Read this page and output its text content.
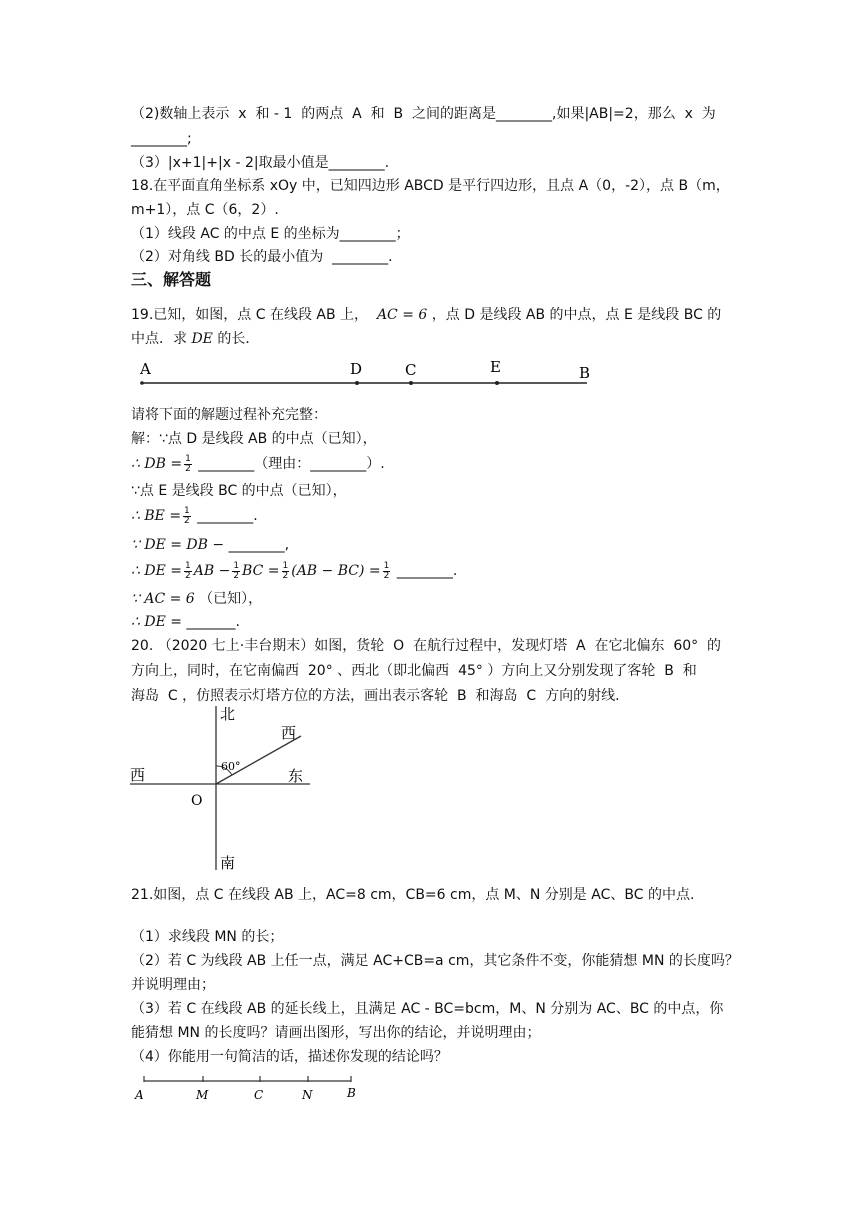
（2)数轴上表示  x  和 - 1  的两点  A  和  B  之间的距离是________,如果|AB|=2，那么  x  为
________;
（3）|x+1|+|x - 2|取最小值是________.
18.在平面直角坐标系 xOy 中，已知四边形 ABCD 是平行四边形，且点 A（0，-2），点 B（m，
m+1），点 C（6，2）.
（1）线段 AC 的中点 E 的坐标为________；
（2）对角线 BD 长的最小值为  ________.
三、解答题
19.已知，如图，点 C 在线段 AB 上， AC = 6 ，点 D 是线段 AB 的中点，点 E 是线段 BC 的
中点．求 DE 的长．
A	D	C	E	B
请将下面的解题过程补充完整：
解：∵点 D 是线段 AB 的中点（已知），
∴ DB = $\frac{1}{2}$ ________（理由：________）.
∵点 E 是线段 BC 的中点（已知），
∴ BE = $\frac{1}{2}$ ________.
∵ DE = DB − ________,
∴ DE = $\frac{1}{2}$ AB − $\frac{1}{2}$ BC = $\frac{1}{2} (AB - BC) = \frac{1}{2}$ ________.
∵ AC = 6 （已知），
∴ DE = _______.
20. （2020 七上·丰台期末）如图，货轮  O  在航行过程中，发现灯塔  A  在它北偏东  60°  的
方向上，同时，在它南偏西  20° 、西北（即北偏西  45° ）方向上又分别发现了客轮  B  和
海岛  C ，仿照表示灯塔方位的方法，画出表示客轮  B  和海岛  C  方向的射线.
北
南
东
西
西
O
60°
21.如图，点 C 在线段 AB 上，AC=8 cm，CB=6 cm，点 M、N 分别是 AC、BC 的中点.
（1）求线段 MN 的长；
（2）若 C 为线段 AB 上任一点，满足 AC+CB=a cm，其它条件不变，你能猜想 MN 的长度吗？
并说明理由；
（3）若 C 在线段 AB 的延长线上，且满足 AC - BC=bcm，M、N 分别为 AC、BC 的中点，你
能猜想 MN 的长度吗？请画出图形，写出你的结论，并说明理由；
（4）你能用一句简洁的话，描述你发现的结论吗？
A	M	C	N	B
